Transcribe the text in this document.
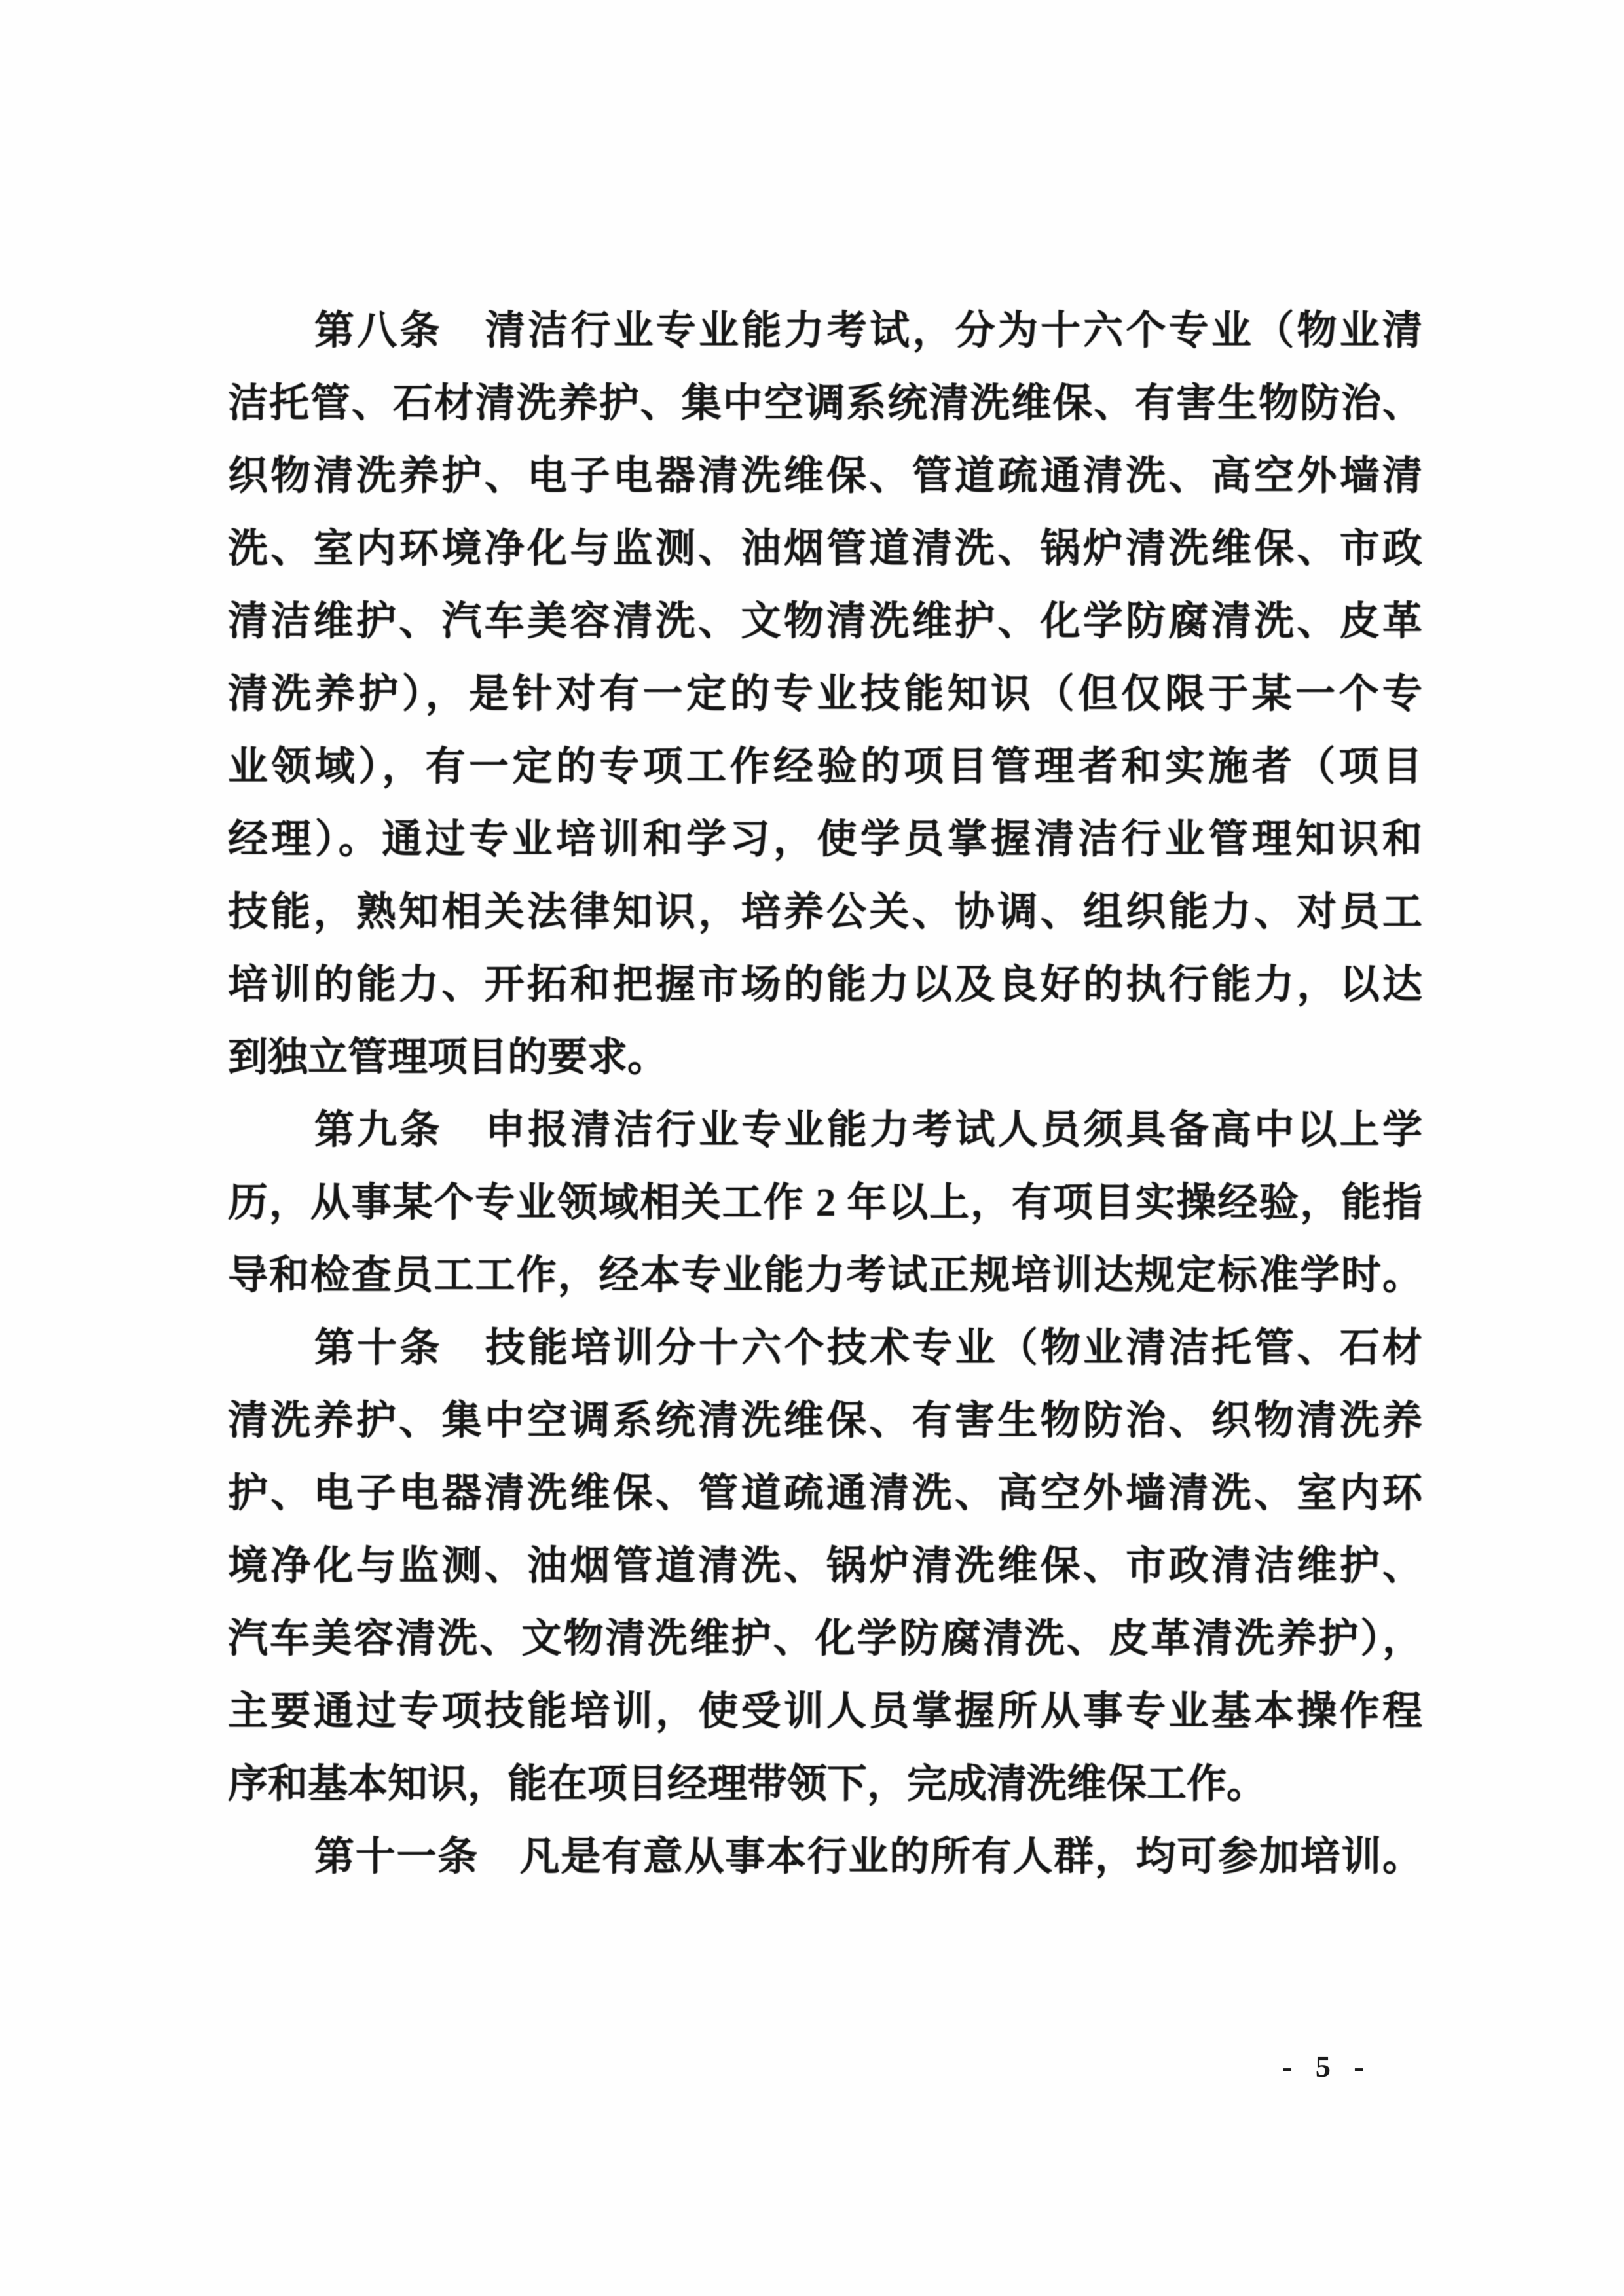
第八条　清洁行业专业能力考试，分为十六个专业（物业清
洁托管、石材清洗养护、集中空调系统清洗维保、有害生物防治、
织物清洗养护、电子电器清洗维保、管道疏通清洗、高空外墙清
洗、室内环境净化与监测、油烟管道清洗、锅炉清洗维保、市政
清洁维护、汽车美容清洗、文物清洗维护、化学防腐清洗、皮革
清洗养护），是针对有一定的专业技能知识（但仅限于某一个专
业领域），有一定的专项工作经验的项目管理者和实施者（项目
经理）。通过专业培训和学习，使学员掌握清洁行业管理知识和
技能，熟知相关法律知识，培养公关、协调、组织能力、对员工
培训的能力、开拓和把握市场的能力以及良好的执行能力，以达
到独立管理项目的要求。
第九条　申报清洁行业专业能力考试人员须具备高中以上学
历，从事某个专业领域相关工作 2 年以上，有项目实操经验，能指
导和检查员工工作，经本专业能力考试正规培训达规定标准学时。
第十条　技能培训分十六个技术专业（物业清洁托管、石材
清洗养护、集中空调系统清洗维保、有害生物防治、织物清洗养
护、电子电器清洗维保、管道疏通清洗、高空外墙清洗、室内环
境净化与监测、油烟管道清洗、锅炉清洗维保、市政清洁维护、
汽车美容清洗、文物清洗维护、化学防腐清洗、皮革清洗养护），
主要通过专项技能培训，使受训人员掌握所从事专业基本操作程
序和基本知识，能在项目经理带领下，完成清洗维保工作。
第十一条　凡是有意从事本行业的所有人群，均可参加培训。
- 5 -
